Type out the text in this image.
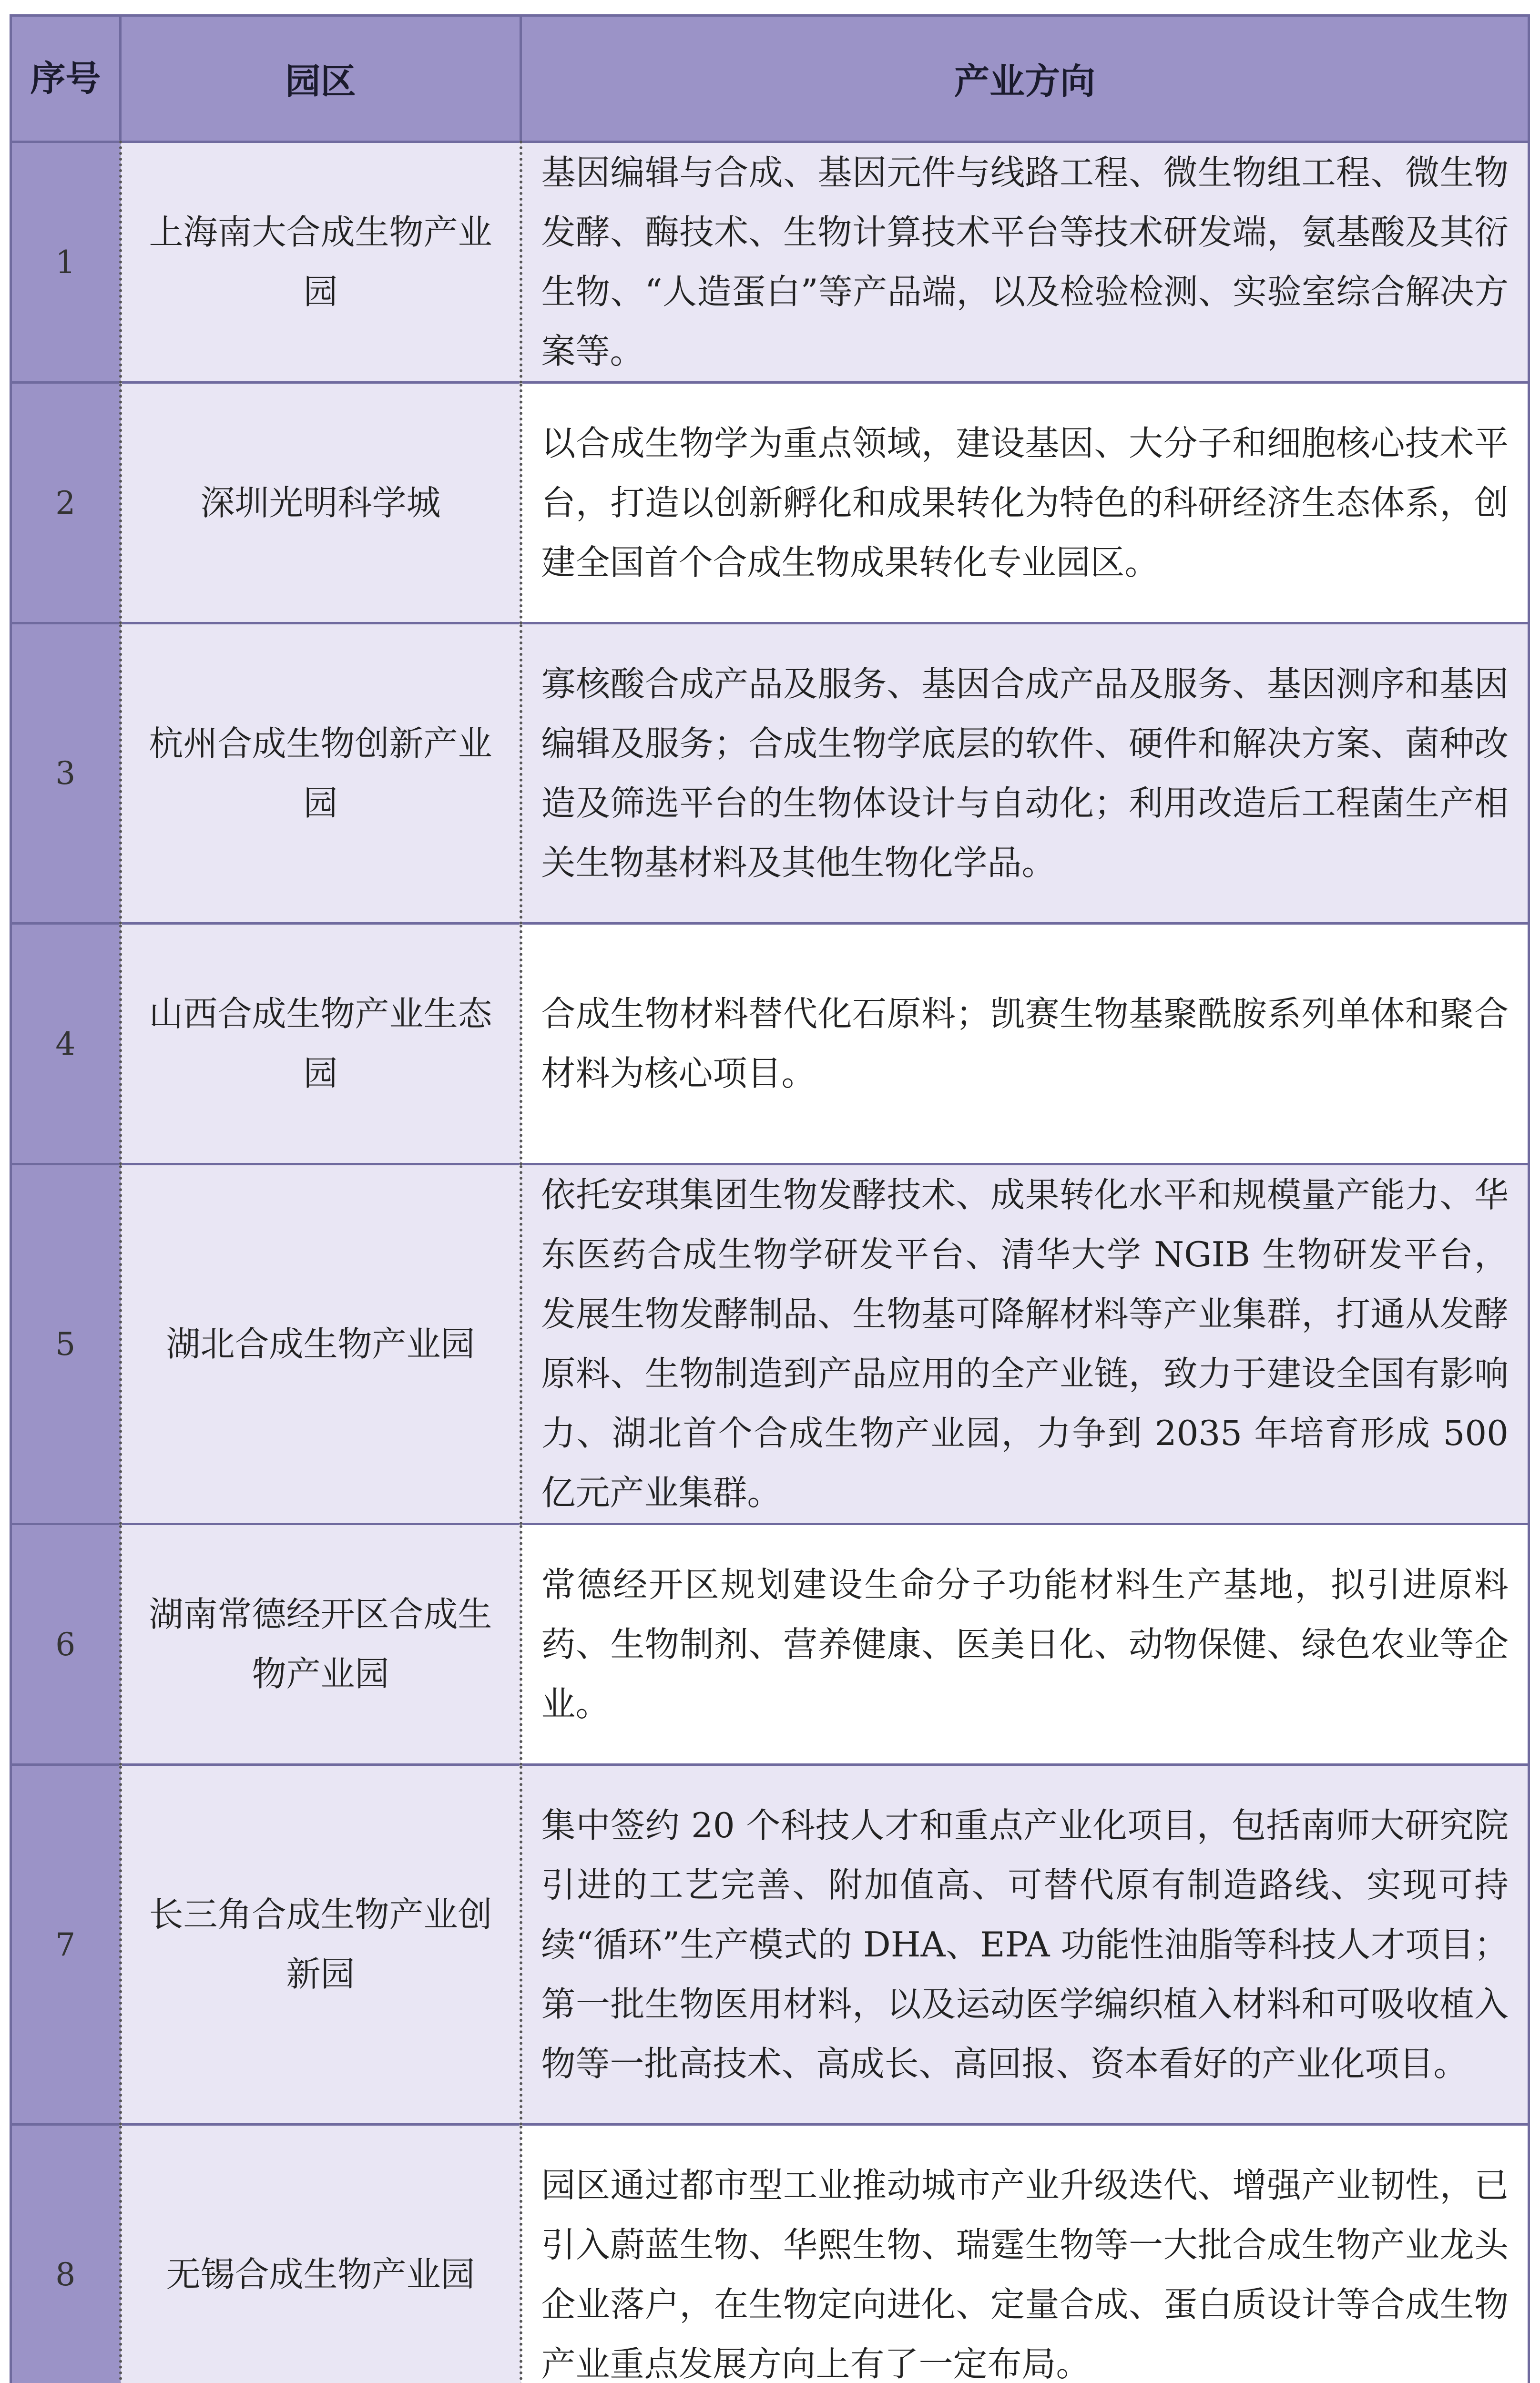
序号	园区	产业方向
1	上海南大合成生物产业园	基因编辑与合成、基因元件与线路工程、微生物组工程、微生物发酵、酶技术、生物计算技术平台等技术研发端，氨基酸及其衍生物、“人造蛋白”等产品端，以及检验检测、实验室综合解决方案等。
2	深圳光明科学城	以合成生物学为重点领域，建设基因、大分子和细胞核心技术平台，打造以创新孵化和成果转化为特色的科研经济生态体系，创建全国首个合成生物成果转化专业园区。
3	杭州合成生物创新产业园	寡核酸合成产品及服务、基因合成产品及服务、基因测序和基因编辑及服务；合成生物学底层的软件、硬件和解决方案、菌种改造及筛选平台的生物体设计与自动化；利用改造后工程菌生产相关生物基材料及其他生物化学品。
4	山西合成生物产业生态园	合成生物材料替代化石原料；凯赛生物基聚酰胺系列单体和聚合材料为核心项目。
5	湖北合成生物产业园	依托安琪集团生物发酵技术、成果转化水平和规模量产能力、华东医药合成生物学研发平台、清华大学 NGIB 生物研发平台，发展生物发酵制品、生物基可降解材料等产业集群，打通从发酵原料、生物制造到产品应用的全产业链，致力于建设全国有影响力、湖北首个合成生物产业园，力争到 2035 年培育形成 500 亿元产业集群。
6	湖南常德经开区合成生物产业园	常德经开区规划建设生命分子功能材料生产基地，拟引进原料药、生物制剂、营养健康、医美日化、动物保健、绿色农业等企业。
7	长三角合成生物产业创新园	集中签约 20 个科技人才和重点产业化项目，包括南师大研究院引进的工艺完善、附加值高、可替代原有制造路线、实现可持续“循环”生产模式的 DHA、EPA 功能性油脂等科技人才项目；第一批生物医用材料，以及运动医学编织植入材料和可吸收植入物等一批高技术、高成长、高回报、资本看好的产业化项目。
8	无锡合成生物产业园	园区通过都市型工业推动城市产业升级迭代、增强产业韧性，已引入蔚蓝生物、华熙生物、瑞霆生物等一大批合成生物产业龙头企业落户，在生物定向进化、定量合成、蛋白质设计等合成生物产业重点发展方向上有了一定布局。
